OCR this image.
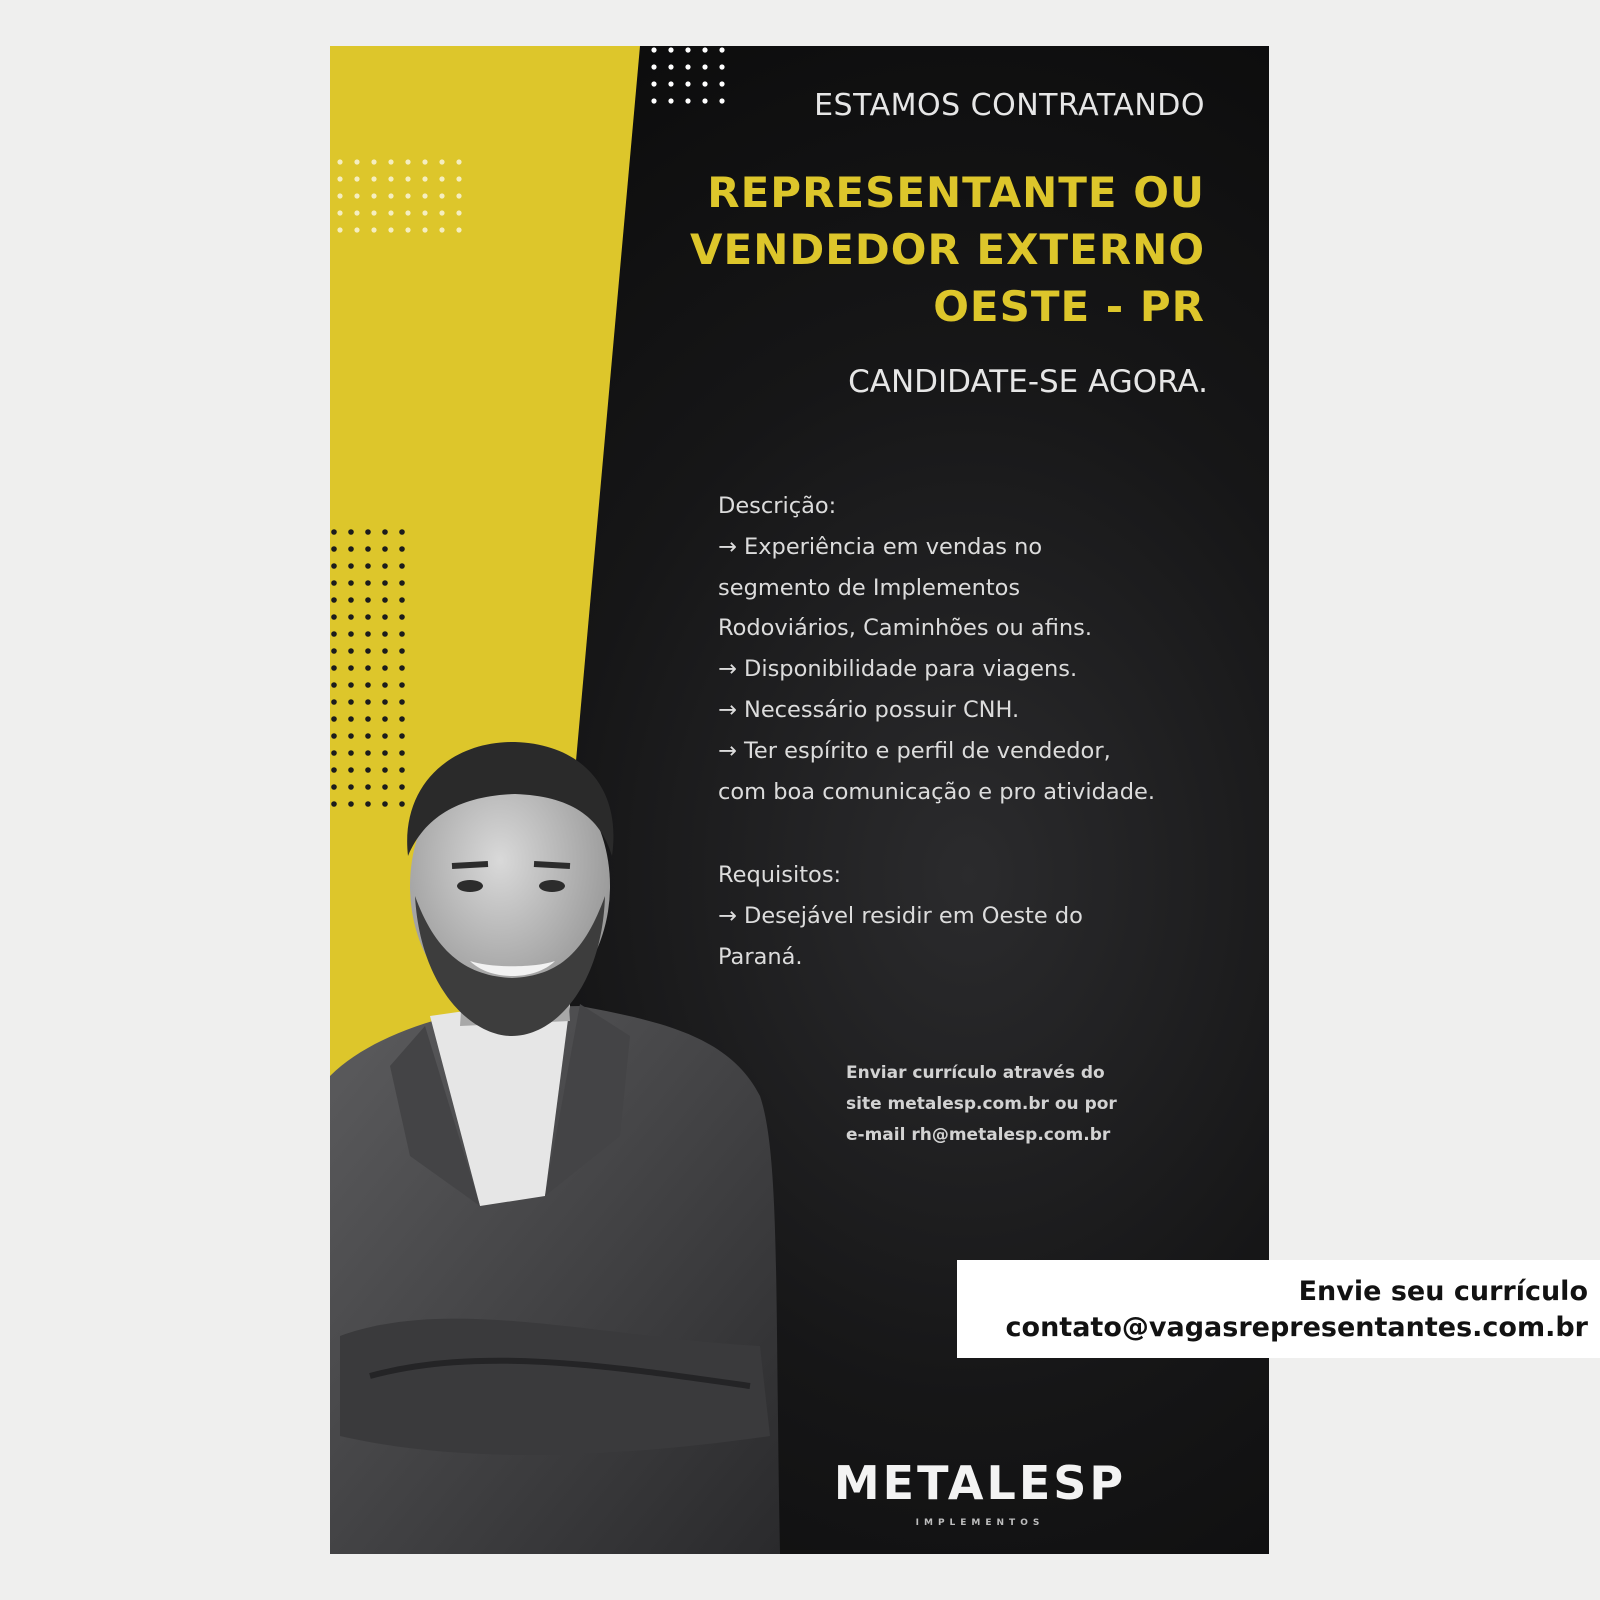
ESTAMOS CONTRATANDO
REPRESENTANTE OU
VENDEDOR EXTERNO
OESTE - PR
CANDIDATE-SE AGORA.
Descrição:
→ Experiência em vendas no
segmento de Implementos
Rodoviários, Caminhões ou afins.
→ Disponibilidade para viagens.
→ Necessário possuir CNH.
→ Ter espírito e perfil de vendedor,
com boa comunicação e pro atividade.
Requisitos:
→ Desejável residir em Oeste do
Paraná.
Enviar currículo através do
site metalesp.com.br ou por
e-mail rh@metalesp.com.br
METALESP
IMPLEMENTOS
Envie seu currículo
contato@vagasrepresentantes.com.br
